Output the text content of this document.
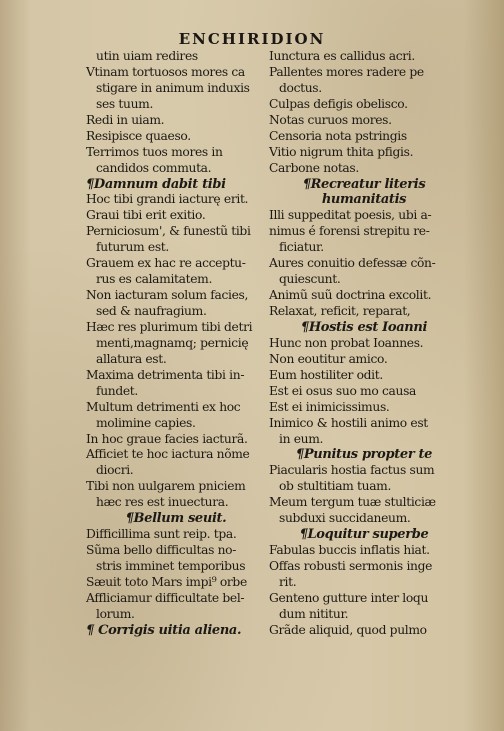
ENCHIRIDION
utin uiam redires
Vtinam tortuosos mores ca
stigare in animum induxis
ses tuum.
Redi in uiam.
Resipisce quaeso.
Terrimos tuos mores in
candidos commuta.
¶Damnum dabit tibi
Hoc tibi grandi iacturę erit.
Graui tibi erit exitio.
Perniciosum', & funestũ tibi
futurum est.
Grauem ex hac re acceptu-
rus es calamitatem.
Non iacturam solum facies,
sed & naufragium.
Hæc res plurimum tibi detri
menti,magnamq; pernicię
allatura est.
Maxima detrimenta tibi in-
fundet.
Multum detrimenti ex hoc
molimine capies.
In hoc graue facies iacturã.
Afficiet te hoc iactura nõme
diocri.
Tibi non uulgarem pniciem
hæc res est inuectura.
¶Bellum seuit.
Difficillima sunt reip. tpa.
Sũma bello difficultas no-
stris imminet temporibus
Sæuit toto Mars impi⁹ orbe
Affliciamur difficultate bel-
lorum.
¶ Corrigis uitia aliena.
Iunctura es callidus acri.
Pallentes mores radere pe
doctus.
Culpas defigis obelisco.
Notas curuos mores.
Censoria nota pstringis
Vitio nigrum thita pfigis.
Carbone notas.
¶Recreatur literis
humanitatis
Illi suppeditat poesis, ubi a-
nimus é forensi strepitu re-
ficiatur.
Aures conuitio defessæ cõn-
quiescunt.
Animũ suũ doctrina excolit.
Relaxat, reficit, reparat,
¶Hostis est Ioanni
Hunc non probat Ioannes.
Non eoutitur amico.
Eum hostiliter odit.
Est ei osus suo mo causa
Est ei inimicissimus.
Inimico & hostili animo est
in eum.
¶Punitus propter te
Piacularis hostia factus sum
ob stultitiam tuam.
Meum tergum tuæ stulticiæ
subduxi succidaneum.
¶Loquitur superbe
Fabulas buccis inflatis hiat.
Offas robusti sermonis inge
rit.
Genteno gutture inter loqu
dum nititur.
Grãde aliquid, quod pulmo
